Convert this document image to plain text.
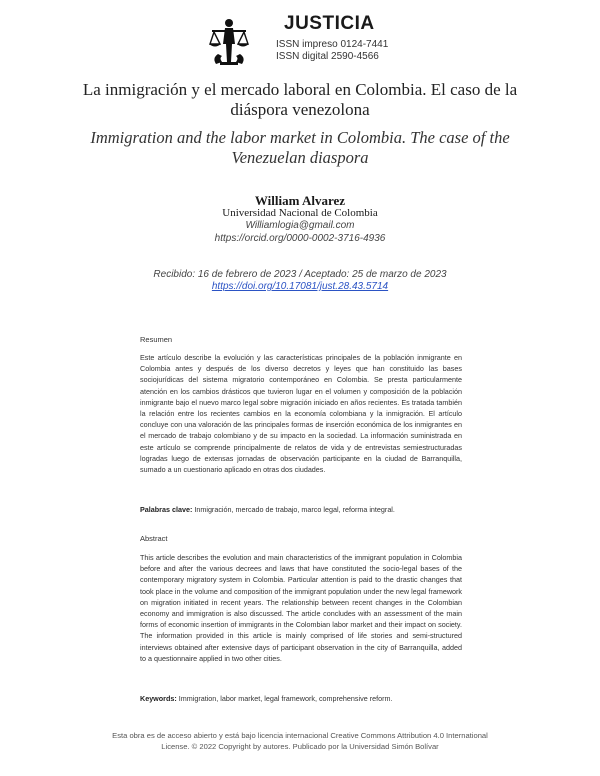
JUSTICIA
ISSN impreso 0124-7441
ISSN digital 2590-4566
La inmigración y el mercado laboral en Colombia. El caso de la diáspora venezolona
Immigration and the labor market in Colombia. The case of the Venezuelan diaspora
William Alvarez
Universidad Nacional de Colombia
Williamlogia@gmail.com
https://orcid.org/0000-0002-3716-4936
Recibido: 16 de febrero de 2023 / Aceptado: 25 de marzo de 2023
https://doi.org/10.17081/just.28.43.5714
Resumen

Este artículo describe la evolución y las características principales de la población inmigrante en Colombia antes y después de los diverso decretos y leyes que han constituido las bases sociojurídicas del sistema migratorio contemporáneo en Colombia. Se presta particularmente atención en los cambios drásticos que tuvieron lugar en el volumen y composición de la población inmigrante bajo el nuevo marco legal sobre migración iniciado en años recientes. Es tratada también la relación entre los recientes cambios en la economía colombiana y la inmigración. El artículo concluye con una valoración de las principales formas de inserción económica de los inmigrantes en el mercado de trabajo colombiano y de su impacto en la sociedad. La información suministrada en este artículo se comprende principalmente de relatos de vida y de entrevistas semiestructuradas logradas luego de extensas jornadas de observación participante en la ciudad de Barranquilla, sumado a un cuestionario aplicado en otras dos ciudades.

Palabras clave: Inmigración, mercado de trabajo, marco legal, reforma integral.
Abstract

This article describes the evolution and main characteristics of the immigrant population in Colombia before and after the various decrees and laws that have constituted the socio-legal bases of the contemporary migratory system in Colombia. Particular attention is paid to the drastic changes that took place in the volume and composition of the immigrant population under the new legal framework on migration initiated in recent years. The relationship between recent changes in the Colombian economy and immigration is also discussed. The article concludes with an assessment of the main forms of economic insertion of immigrants in the Colombian labor market and their impact on society. The information provided in this article is mainly comprised of life stories and semi-structured interviews obtained after extensive days of participant observation in the city of Barranquilla, added to a questionnaire applied in two other cities.

Keywords: Immigration, labor market, legal framework, comprehensive reform.
Esta obra es de acceso abierto y está bajo licencia internacional Creative Commons Attribution 4.0 International
License. © 2022 Copyright by autores. Publicado por la Universidad Simón Bolívar
